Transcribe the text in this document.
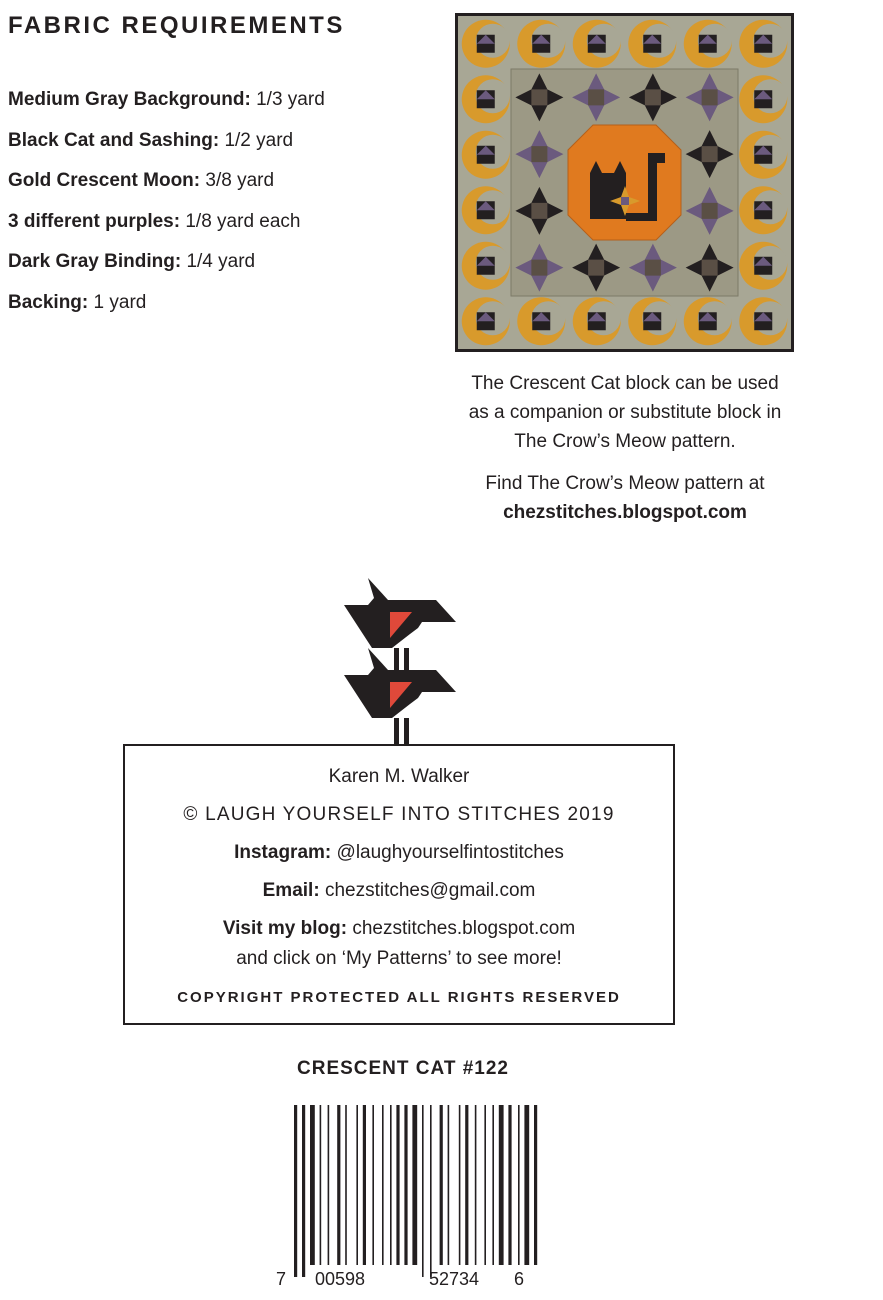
FABRIC REQUIREMENTS
Medium Gray Background: 1/3 yard
Black Cat and Sashing: 1/2 yard
Gold Crescent Moon: 3/8 yard
3 different purples: 1/8 yard each
Dark Gray Binding: 1/4 yard
Backing: 1 yard
The Crescent Cat block can be used
as a companion or substitute block in
The Crow’s Meow pattern.
Find The Crow’s Meow pattern at
chezstitches.blogspot.com
Karen M. Walker
© LAUGH YOURSELF INTO STITCHES 2019
Instagram: @laughyourselfintostitches
Email: chezstitches@gmail.com
Visit my blog: chezstitches.blogspot.com
and click on ‘My Patterns’ to see more!
COPYRIGHT PROTECTED ALL RIGHTS RESERVED
CRESCENT CAT #122
7 00598	52734 6
